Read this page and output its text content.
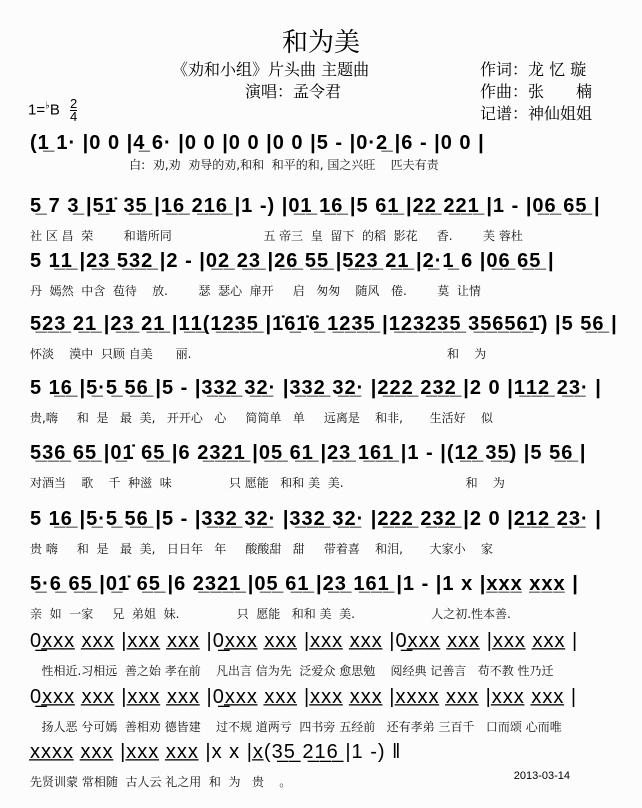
和为美
《劝和小组》片头曲 主题曲
演唱：孟令君
作词：龙 忆 璇
作曲：张　　楠
记谱：神仙姐姐
$1=^♭B \frac{2}{4}$
(1̲ 1· |0 0 |4̲ 6· |0 0 |0 0 |0 0 |5 - |0·2̲ |6 - |0 0 |
白:  劝,劝  劝导的劝,和和  和平的和, 国之兴旺    匹夫有责
5̲ 7 3̲ |5̲1̇ 3̲5̲ |1̲6̲ 2̲1̲6̲ |1 -) |0̲1̲ 1̲6̲ |5 6̲1̲ |2̲2̲ 2̲2̲1̲ |1 - |0̲6̲ 6̲5̲ |
社 区 昌  荣        和谐所同                        五 帝三  皇  留下  的稻  影花     香.        芙 蓉杜
5 1̲1̲ |2̲3̲ 5̲3̲2̲ |2 - |0̲2̲ 2̲3̲ |2̲6̲ 5̲5̲ |5̲2̲3̲ 2̲1̲ |2̲·1̲ 6 |0̲6̲ 6̲5̲ |
丹  嫣然  中含  苞待    放.        瑟  瑟心  扉开     启   匆匆    随风   倦.        莫  让情
5̲2̲3̲ 2̲1̲ |2̲3̲ 2̲1̲ |1̲1̲(1̲2̲3̲5̲ |1̇6̲1̇6̲ 1̲2̲3̲5̲ |1̲2̲3̲2̲3̲5̲ 3̲5̲6̲5̲6̲1̇) |5 5̲6̲ |
怀淡    漠中  只顾 自美      丽.                                                                   和    为
5 1̲6̲ |5̲·5̲ 5̲6̲ |5 - |3̲3̲2̲ 3̲2̲· |3̲3̲2̲ 3̲2̲· |2̲2̲2̲ 2̲3̲2̲ |2 0 |1̲1̲2̲ 2̲3̲· |
贵,嗨     和  是   最  美,   开开心   心     简简单   单     远离是    和非,       生活好    似
5̲3̲6̲ 6̲5̲ |0̲1̇ 6̲5̲ |6 2̲3̲2̲1̲ |0̲5̲ 6̲1̲ |2̲3̲ 1̲6̲1̲ |1 - |(1̲2̲ 3̲5̲) |5 5̲6̲ |
对酒当    歌    千  种滋  味               只 愿能   和和 美  美.                                和    为
5 1̲6̲ |5̲·5̲ 5̲6̲ |5 - |3̲3̲2̲ 3̲2̲· |3̲3̲2̲ 3̲2̲· |2̲2̲2̲ 2̲3̲2̲ |2 0 |2̲1̲2̲ 2̲3̲· |
贵 嗨     和  是   最  美,   日日年   年     酸酸甜   甜     带着喜    和泪,       大家小    家
5̲·6̲ 6̲5̲ |0̲1̇ 6̲5̲ |6 2̲3̲2̲1̲ |0̲5̲ 6̲1̲ |2̲3̲ 1̲6̲1̲ |1 - |1 x |x̲x̲x̲ x̲x̲x̲ |
亲  如  一家     兄  弟姐  妹.               只  愿能   和和 美  美.                    人之初.性本善.
0̲x̲x̲x̲ x̲x̲x̲ |x̲x̲x̲ x̲x̲x̲ |0̲x̲x̲x̲ x̲x̲x̲ |x̲x̲x̲ x̲x̲x̲ |0̲x̲x̲x̲ x̲x̲x̲ |x̲x̲x̲ x̲x̲x̲ |
性相近.习相远  善之始 孝在前    凡出言 信为先  泛爱众 愈思勉    阅经典 记善言   苟不教 性乃迁
0̲x̲x̲x̲ x̲x̲x̲ |x̲x̲x̲ x̲x̲x̲ |0̲x̲x̲x̲ x̲x̲x̲ |x̲x̲x̲ x̲x̲x̲ |x̲x̲x̲x̲ x̲x̲x̲ |x̲x̲x̲ x̲x̲x̲ |
扬人恶 兮可嫣  善相劝 德皆建    过不规 道两亏  四书旁 五经前   还有孝弟 三百千   口而颂 心而唯
x̲x̲x̲x̲ x̲x̲x̲ |x̲x̲x̲ x̲x̲x̲ |x x |x̲(3̲5̲ 2̲1̲6̲ |1 -) ‖
先贤训蒙 常相随  古人云 礼之用  和  为   贵    。	2013-03-14
